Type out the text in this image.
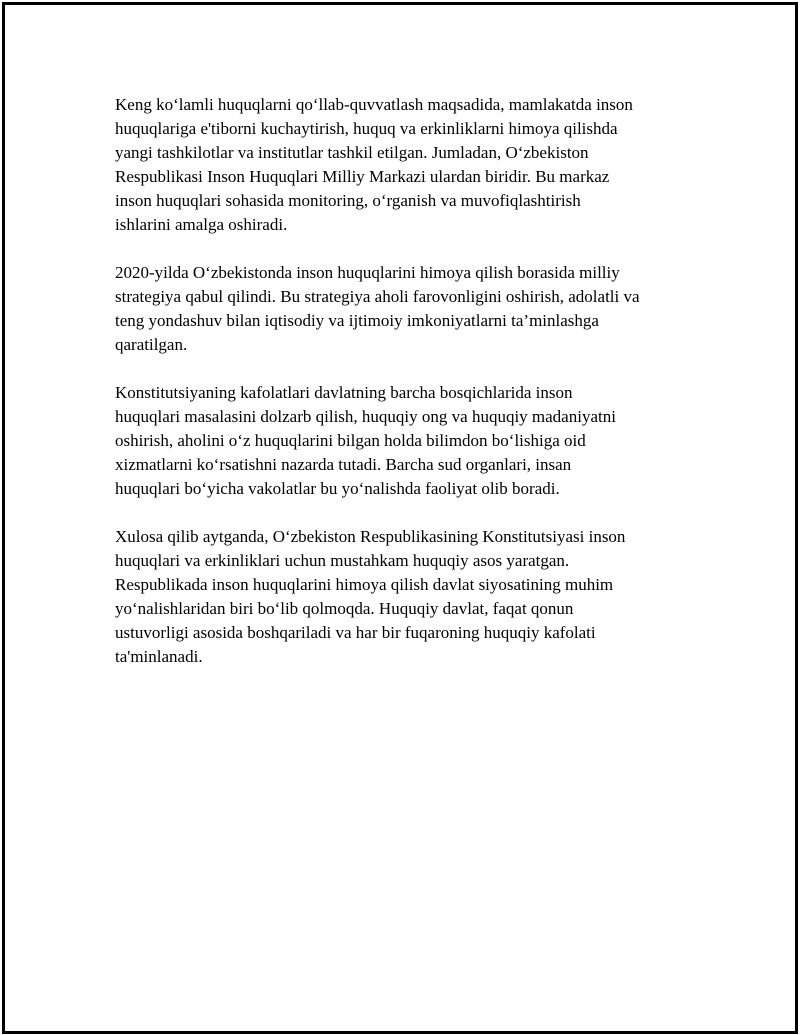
Keng ko‘lamli huquqlarni qo‘llab-quvvatlash maqsadida, mamlakatda inson
huquqlariga e'tiborni kuchaytirish, huquq va erkinliklarni himoya qilishda
yangi tashkilotlar va institutlar tashkil etilgan. Jumladan, O‘zbekiston
Respublikasi Inson Huquqlari Milliy Markazi ulardan biridir. Bu markaz
inson huquqlari sohasida monitoring, o‘rganish va muvofiqlashtirish
ishlarini amalga oshiradi.

2020-yilda O‘zbekistonda inson huquqlarini himoya qilish borasida milliy
strategiya qabul qilindi. Bu strategiya aholi farovonligini oshirish, adolatli va
teng yondashuv bilan iqtisodiy va ijtimoiy imkoniyatlarni ta’minlashga
qaratilgan.

Konstitutsiyaning kafolatlari davlatning barcha bosqichlarida inson
huquqlari masalasini dolzarb qilish, huquqiy ong va huquqiy madaniyatni
oshirish, aholini o‘z huquqlarini bilgan holda bilimdon bo‘lishiga oid
xizmatlarni ko‘rsatishni nazarda tutadi. Barcha sud organlari, insan
huquqlari bo‘yicha vakolatlar bu yo‘nalishda faoliyat olib boradi.

Xulosa qilib aytganda, O‘zbekiston Respublikasining Konstitutsiyasi inson
huquqlari va erkinliklari uchun mustahkam huquqiy asos yaratgan.
Respublikada inson huquqlarini himoya qilish davlat siyosatining muhim
yo‘nalishlaridan biri bo‘lib qolmoqda. Huquqiy davlat, faqat qonun
ustuvorligi asosida boshqariladi va har bir fuqaroning huquqiy kafolati
ta'minlanadi.
